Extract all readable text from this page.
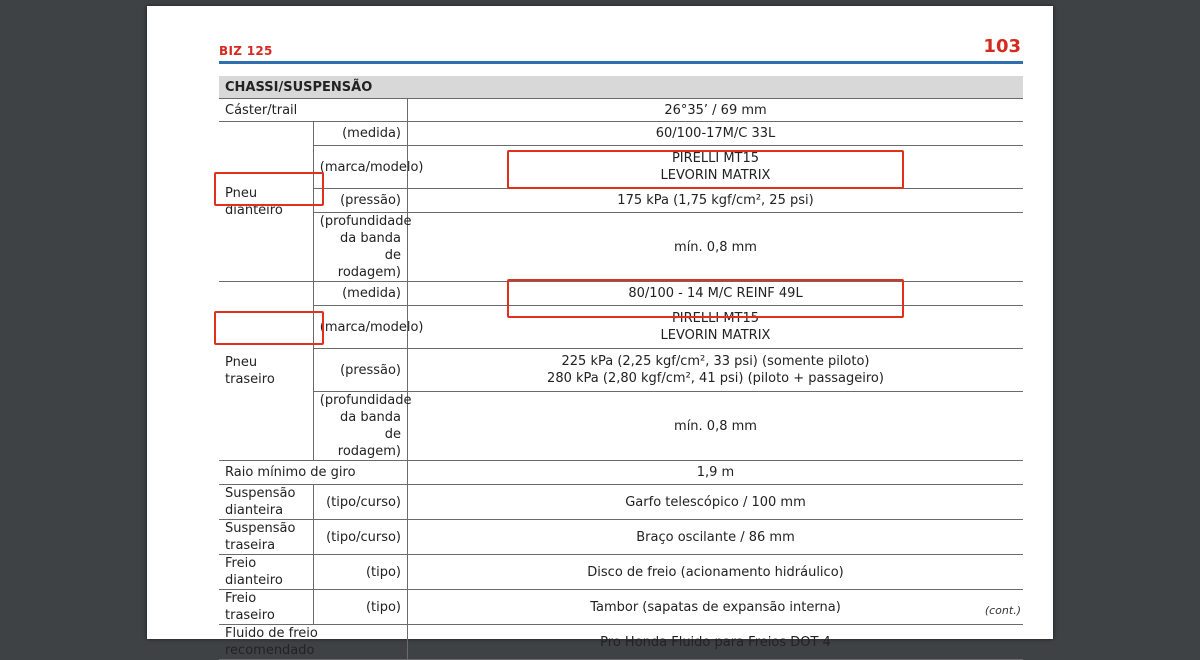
BIZ 125	103
CHASSI/SUSPENSÃO
Cáster/trail		26°35’ / 69 mm
Pneu dianteiro	(medida)	60/100-17M/C 33L
	(marca/modelo)	PIRELLI MT15
LEVORIN MATRIX

	(pressão)	175 kPa (1,75 kgf/cm², 25 psi)

	(profundidade da banda de
rodagem)	mín. 0,8 mm
Pneu traseiro	(medida)	80/100 - 14 M/C REINF 49L
	(marca/modelo)	PIRELLI MT15
LEVORIN MATRIX

	(pressão)	225 kPa (2,25 kgf/cm², 33 psi) (somente piloto)
280 kPa (2,80 kgf/cm², 41 psi) (piloto + passageiro)

	(profundidade da banda de
rodagem)	mín. 0,8 mm
Raio mínimo de giro		1,9 m
Suspensão dianteira	(tipo/curso)	Garfo telescópico / 100 mm
Suspensão traseira	(tipo/curso)	Braço oscilante / 86 mm
Freio dianteiro	(tipo)	Disco de freio (acionamento hidráulico)
Freio traseiro	(tipo)	Tambor (sapatas de expansão interna)
Fluido de freio recomendado		Pro Honda Fluido para Freios DOT 4
(cont.)
